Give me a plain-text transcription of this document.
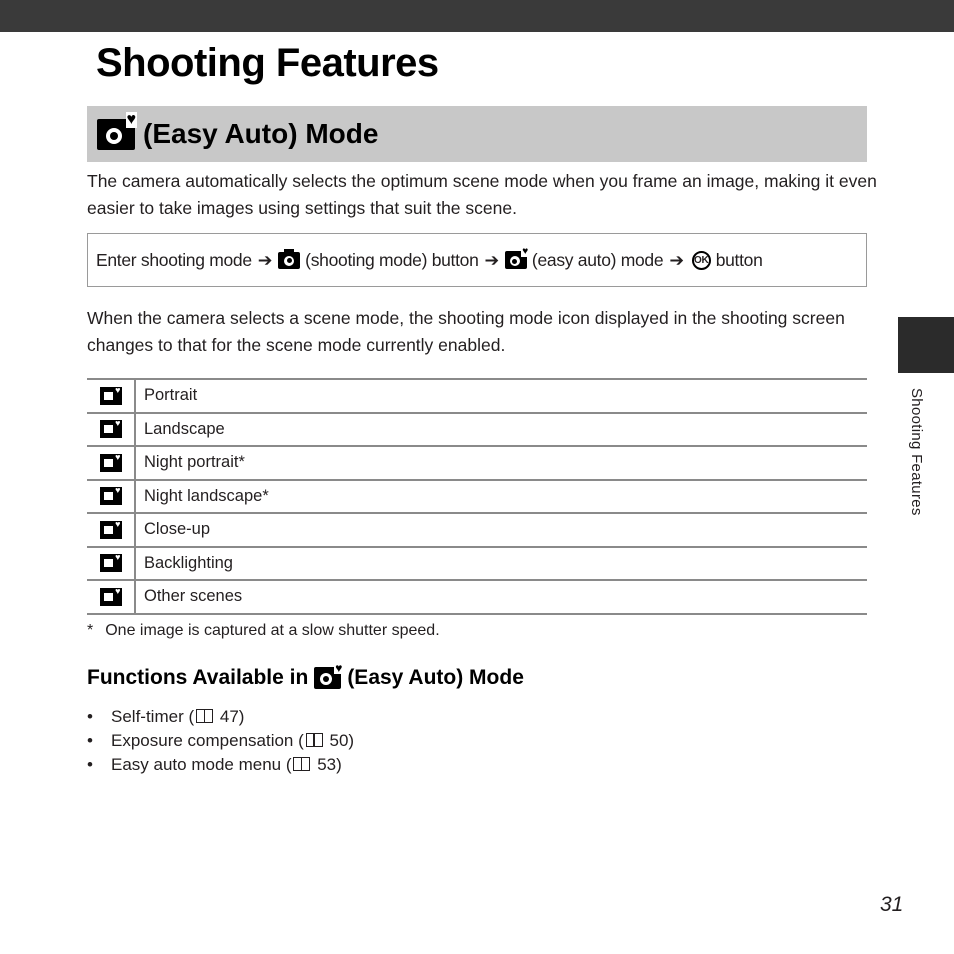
Shooting Features
♥ (Easy Auto) Mode

The camera automatically selects the optimum scene mode when you frame an image, making it even easier to take images using settings that suit the scene.

Enter shooting mode ➔ (shooting mode) button ➔ ♥ (easy auto) mode ➔ OK button

When the camera selects a scene mode, the shooting mode icon displayed in the shooting screen changes to that for the scene mode currently enabled.

♥	Portrait
♥	Landscape
♥	Night portrait*
♥	Night landscape*
♥	Close-up
♥	Backlighting
♥	Other scenes

* One image is captured at a slow shutter speed.

Functions Available in ♥ (Easy Auto) Mode
• Self-timer ( 47)
• Exposure compensation ( 50)
• Easy auto mode menu ( 53)
Shooting Features
31
